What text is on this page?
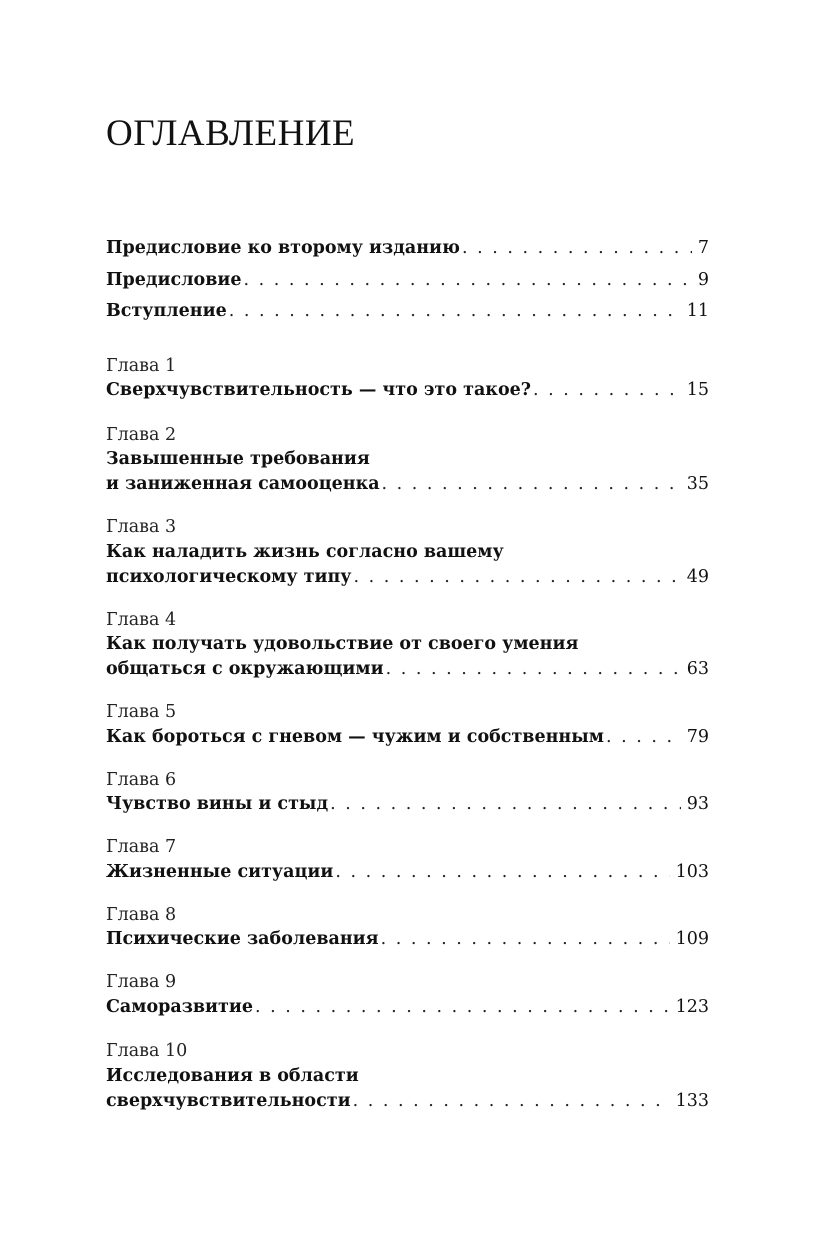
ОГЛАВЛЕНИЕ
Предисловие ко второму изданию . . .	7
Предисловие . . .	9
Вступление . . .	11
Глава 1
Сверхчувствительность — что это такое? . . .	15
Глава 2
Завышенные требования
и заниженная самооценка . . .	35
Глава 3
Как наладить жизнь согласно вашему
психологическому типу . . .	49
Глава 4
Как получать удовольствие от своего умения
общаться с окружающими . . .	63
Глава 5
Как бороться с гневом — чужим и собственным . . .	79
Глава 6
Чувство вины и стыд . . .	93
Глава 7
Жизненные ситуации . . .	103
Глава 8
Психические заболевания . . .	109
Глава 9
Саморазвитие . . .	123
Глава 10
Исследования в области
сверхчувствительности . . .	133
